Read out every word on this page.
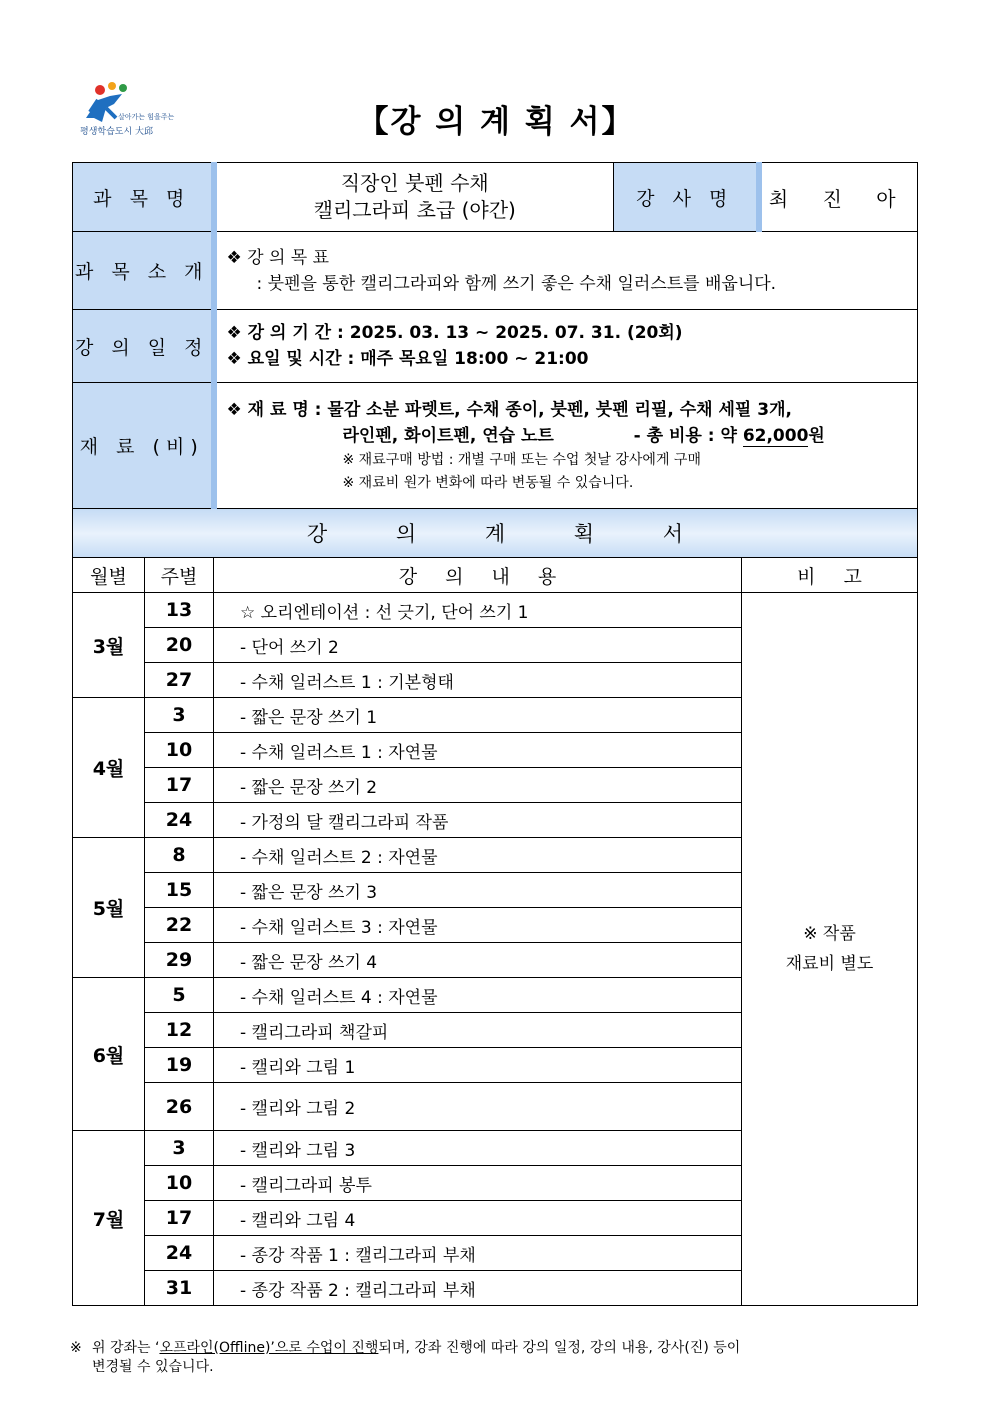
살아가는 힘을주는
평생학습도시 大邱	【강 의 계 획 서】
과 목 명		직장인 붓펜 수채
캘리그라피 초급 (야간)	강 사 명		최 진 아
과 목 소 개		❖ 강 의 목 표
: 붓펜을 통한 캘리그라피와 함께 쓰기 좋은 수채 일러스트를 배웁니다.			

강 의 일 정		❖ 강 의 기 간 : 2025. 03. 13 ~ 2025. 07. 31. (20회)
❖ 요일 및 시간 : 매주 목요일 18:00 ~ 21:00			

재 료 (비)		❖ 재 료 명 : 물감 소분 파렛트, 수채 종이, 붓펜, 붓펜 리필, 수채 세필 3개,
라인펜, 화이트펜, 연습 노트 - 총 비용 : 약 62,000원
※ 재료구매 방법 : 개별 구매 또는 수업 첫날 강사에게 구매
※ 재료비 원가 변화에 따라 변동될 수 있습니다.			

강 의 계 획 서					
월별	주별	강 의 내 용		비 고	
3월	13	☆ 오리엔테이션 : 선 긋기, 단어 쓰기 1		※ 작품
재료비 별도	

	20	- 단어 쓰기 2			
	27	- 수채 일러스트 1 : 기본형태			
4월	3	- 짧은 문장 쓰기 1			
	10	- 수채 일러스트 1 : 자연물			
	17	- 짧은 문장 쓰기 2			
	24	- 가정의 달 캘리그라피 작품			
5월	8	- 수채 일러스트 2 : 자연물			
	15	- 짧은 문장 쓰기 3			
	22	- 수채 일러스트 3 : 자연물			
	29	- 짧은 문장 쓰기 4			
6월	5	- 수채 일러스트 4 : 자연물			
	12	- 캘리그라피 책갈피			
	19	- 캘리와 그림 1			
	26	- 캘리와 그림 2			
7월	3	- 캘리와 그림 3			
	10	- 캘리그라피 봉투			
	17	- 캘리와 그림 4			
	24	- 종강 작품 1 : 캘리그라피 부채			
	31	- 종강 작품 2 : 캘리그라피 부채			
※ 위 강좌는 ‘오프라인(Offline)’으로 수업이 진행되며, 강좌 진행에 따라 강의 일정, 강의 내용, 강사(진) 등이
변경될 수 있습니다.
